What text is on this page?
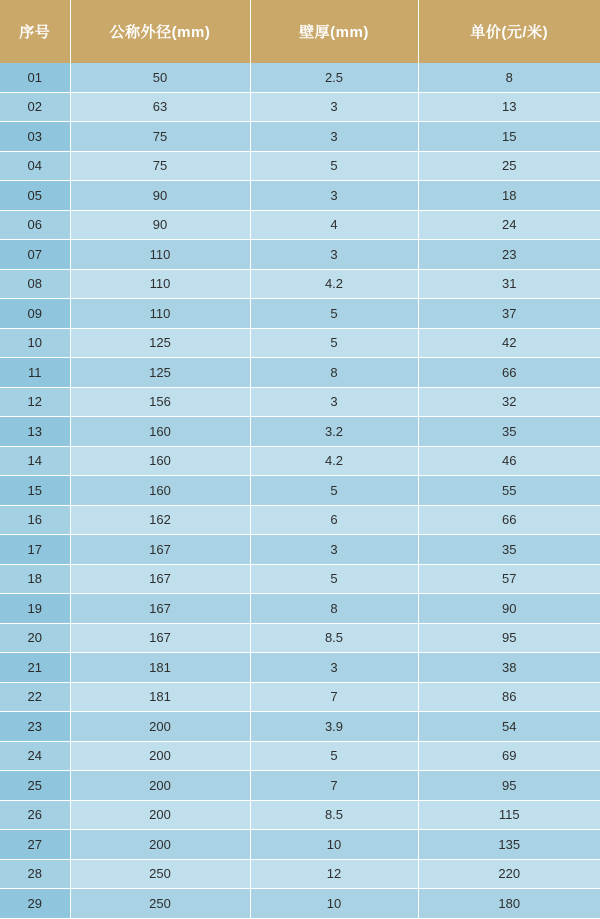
序号	公称外径(mm)	壁厚(mm)	单价(元/米)
01	50	2.5	8
02	63	3	13
03	75	3	15
04	75	5	25
05	90	3	18
06	90	4	24
07	110	3	23
08	110	4.2	31
09	110	5	37
10	125	5	42
11	125	8	66
12	156	3	32
13	160	3.2	35
14	160	4.2	46
15	160	5	55
16	162	6	66
17	167	3	35
18	167	5	57
19	167	8	90
20	167	8.5	95
21	181	3	38
22	181	7	86
23	200	3.9	54
24	200	5	69
25	200	7	95
26	200	8.5	115
27	200	10	135
28	250	12	220
29	250	10	180
